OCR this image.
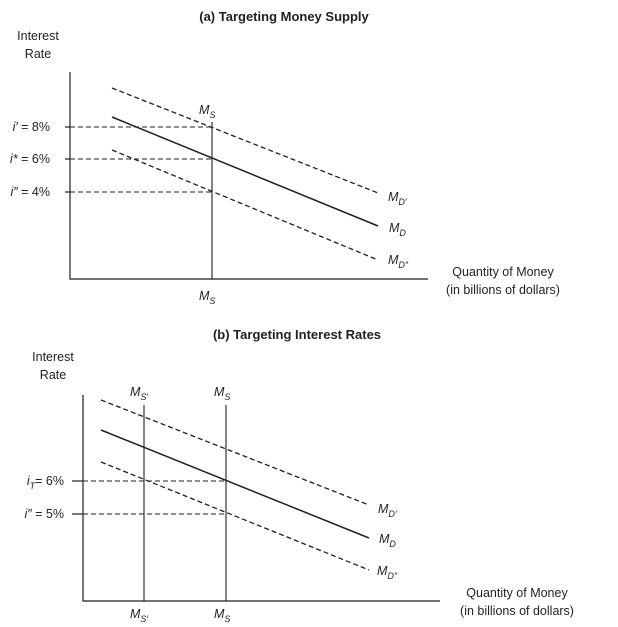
(a) Targeting Money Supply
Interest
Rate
i′ = 8%
i* = 6%
i″ = 4%
$M_S$
$M_S$
$M_{D'}$
$M_D$
$M_{D''}$	Quantity of Money
(in billions of dollars)
(b) Targeting Interest Rates
Interest
Rate
$i_T= 6\%$
i″ = 5%
$M_{S'}$	$M_S$
$M_{S'}$	$M_S$
$M_{D'}$
$M_D$
$M_{D''}$
Quantity of Money
(in billions of dollars)
